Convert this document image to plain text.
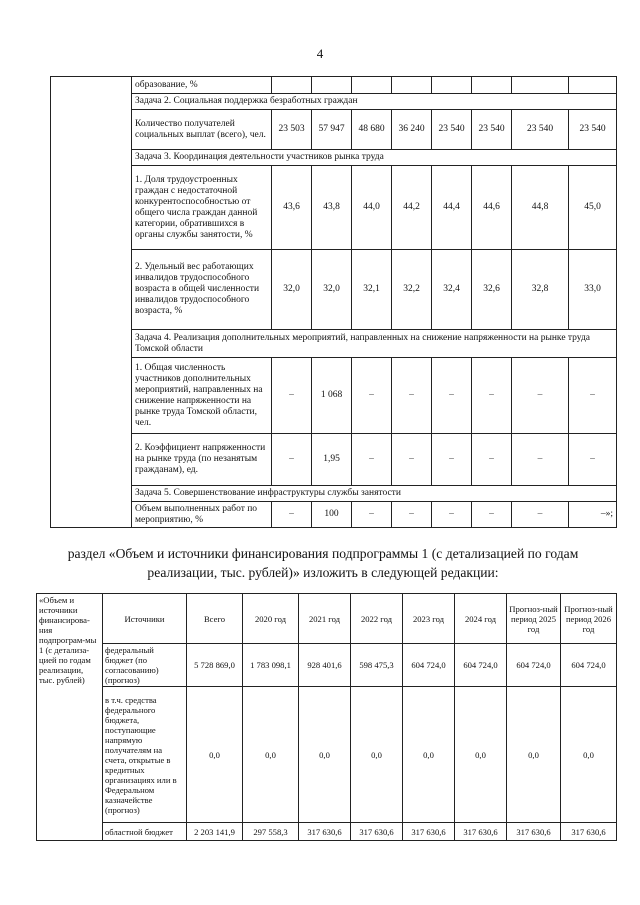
4
	образование, %								
	Задача 2. Социальная поддержка безработных граждан								
	Количество получателей социальных выплат (всего), чел.	23 503	57 947	48 680	36 240	23 540	23 540	23 540	23 540
	Задача 3. Координация деятельности участников рынка труда								
	1. Доля трудоустроенных граждан с недостаточной конкурентоспособностью от общего числа граждан данной категории, обратившихся в органы службы занятости, %	43,6	43,8	44,0	44,2	44,4	44,6	44,8	45,0
	2. Удельный вес работающих инвалидов трудоспособного возраста в общей численности инвалидов трудоспособного возраста, %	32,0	32,0	32,1	32,2	32,4	32,6	32,8	33,0
	Задача 4. Реализация дополнительных мероприятий, направленных на снижение напряженности на рынке труда Томской области								
	1. Общая численность участников дополнительных мероприятий, направленных на снижение напряженности на рынке труда Томской области, чел.	–	1 068	–	–	–	–	–	–
	2. Коэффициент напряженности на рынке труда (по незанятым гражданам), ед.	–	1,95	–	–	–	–	–	–
	Задача 5. Совершенствование инфраструктуры службы занятости								
	Объем выполненных работ по мероприятию, %	–	100	–	–	–	–	–	–»;
раздел «Объем и источники финансирования подпрограммы 1 (с детализацией по годам реализации, тыс. рублей)» изложить в следующей редакции:
«Объем и источники финансирова-ния подпрограм-мы 1 (с детализа-цией по годам реализации, тыс. рублей)	Источники	Всего	2020 год	2021 год	2022 год	2023 год	2024 год	Прогноз-ный период 2025 год	Прогноз-ный период 2026 год
	федеральный бюджет (по согласованию) (прогноз)	5 728 869,0	1 783 098,1	928 401,6	598 475,3	604 724,0	604 724,0	604 724,0	604 724,0
	в т.ч. средства федерального бюджета, поступающие напрямую получателям на счета, открытые в кредитных организациях или в Федеральном казначействе (прогноз)	0,0	0,0	0,0	0,0	0,0	0,0	0,0	0,0
	областной бюджет	2 203 141,9	297 558,3	317 630,6	317 630,6	317 630,6	317 630,6	317 630,6	317 630,6
